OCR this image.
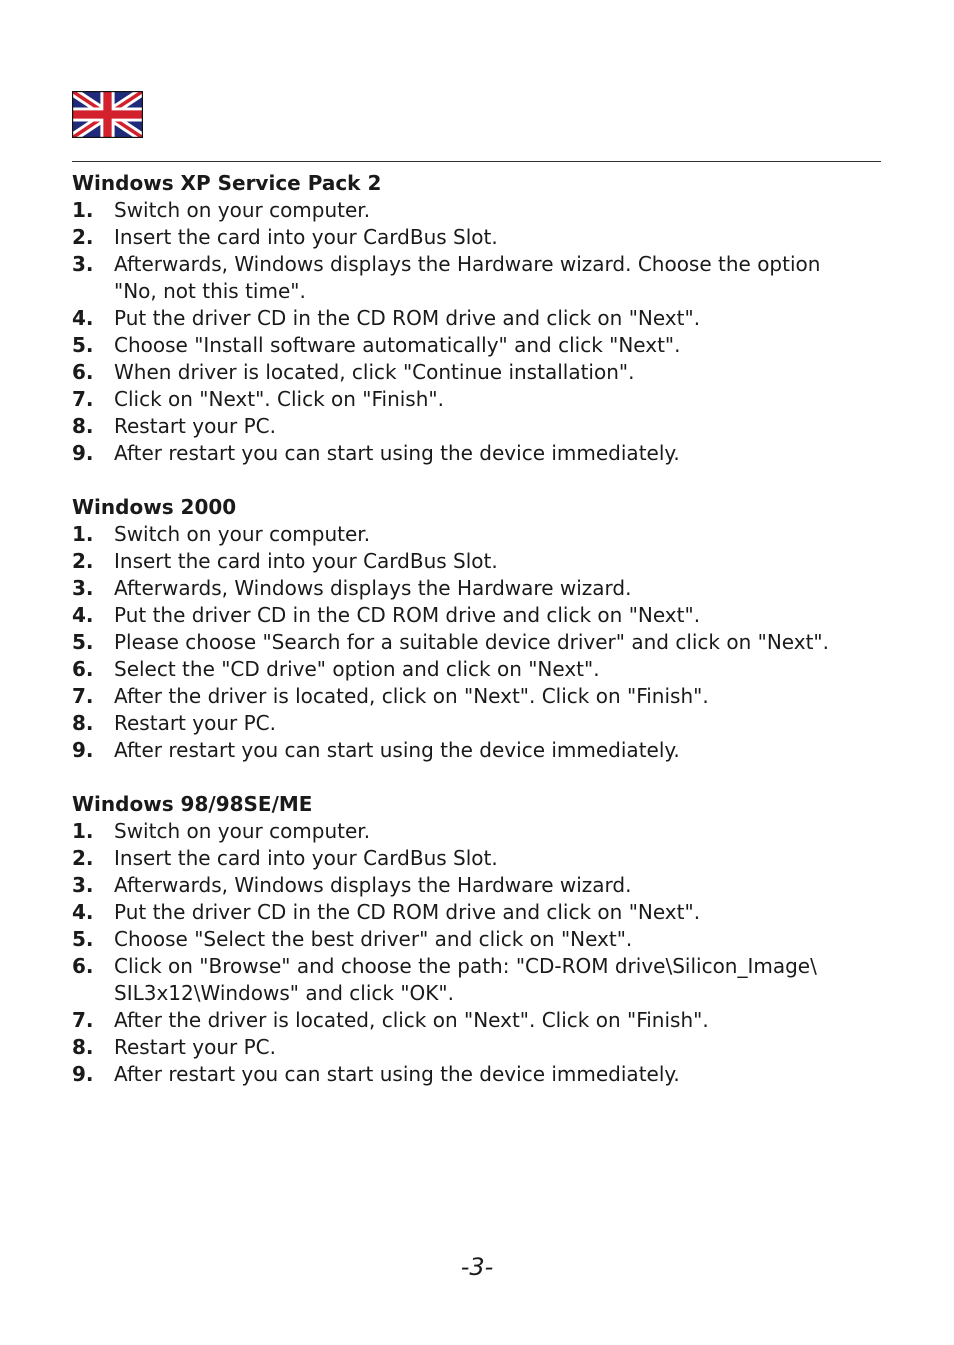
Windows XP Service Pack 2
1.	Switch on your computer.
2.	Insert the card into your CardBus Slot.
3.	Afterwards, Windows displays the Hardware wizard. Choose the option "No, not this time".
4.	Put the driver CD in the CD ROM drive and click on "Next".
5.	Choose "Install software automatically" and click "Next".
6.	When driver is located, click "Continue installation".
7.	Click on "Next". Click on "Finish".
8.	Restart your PC.
9.	After restart you can start using the device immediately.
Windows 2000
1.	Switch on your computer.
2.	Insert the card into your CardBus Slot.
3.	Afterwards, Windows displays the Hardware wizard.
4.	Put the driver CD in the CD ROM drive and click on "Next".
5.	Please choose "Search for a suitable device driver" and click on "Next".
6.	Select the "CD drive" option and click on "Next".
7.	After the driver is located, click on "Next". Click on "Finish".
8.	Restart your PC.
9.	After restart you can start using the device immediately.
Windows 98/98SE/ME
1.	Switch on your computer.
2.	Insert the card into your CardBus Slot.
3.	Afterwards, Windows displays the Hardware wizard.
4.	Put the driver CD in the CD ROM drive and click on "Next".
5.	Choose "Select the best driver" and click on "Next".
6.	Click on "Browse" and choose the path: "CD-ROM drive\Silicon_Image\ SIL3x12\Windows" and click "OK".
7.	After the driver is located, click on "Next". Click on "Finish".
8.	Restart your PC.
9.	After restart you can start using the device immediately.
-3-
